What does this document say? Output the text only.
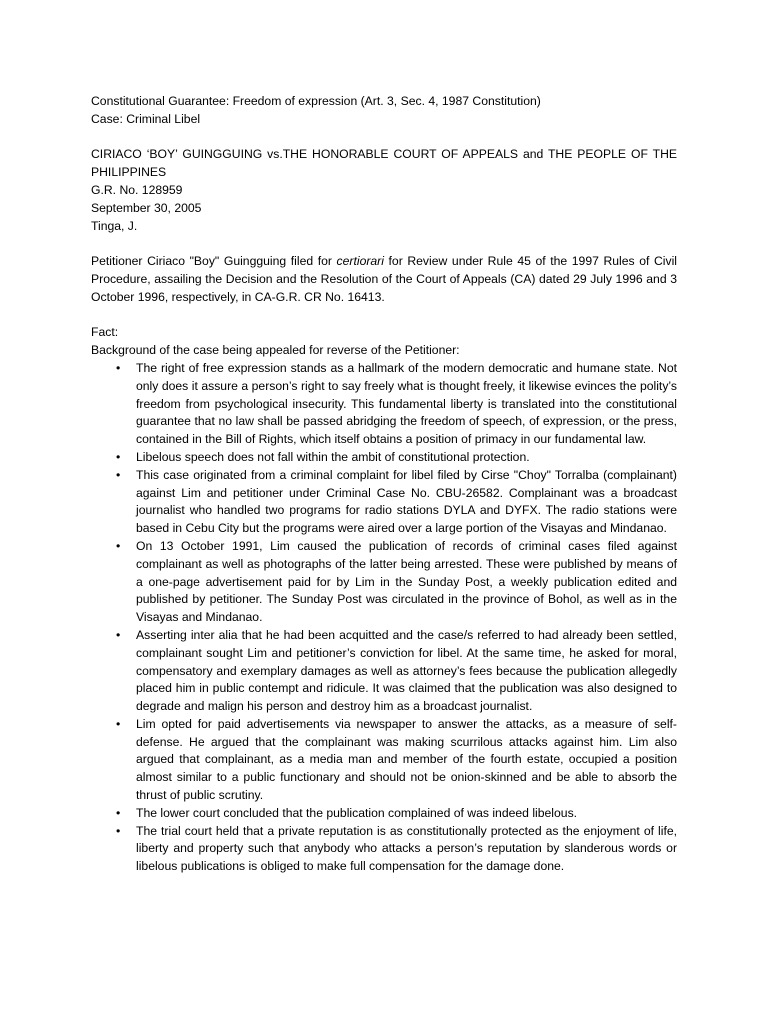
Constitutional Guarantee: Freedom of expression (Art. 3, Sec. 4, 1987 Constitution)

Case: Criminal Libel

CIRIACO ‘BOY’ GUINGGUING vs.THE HONORABLE COURT OF APPEALS and THE PEOPLE OF THE PHILIPPINES

G.R. No. 128959

September 30, 2005

Tinga, J.

Petitioner Ciriaco "Boy" Guingguing filed for certiorari for Review under Rule 45 of the 1997 Rules of Civil Procedure, assailing the Decision and the Resolution of the Court of Appeals (CA) dated 29 July 1996 and 3 October 1996, respectively, in CA-G.R. CR No. 16413.

Fact:

Background of the case being appealed for reverse of the Petitioner:

• The right of free expression stands as a hallmark of the modern democratic and humane state. Not only does it assure a person’s right to say freely what is thought freely, it likewise evinces the polity’s freedom from psychological insecurity. This fundamental liberty is translated into the constitutional guarantee that no law shall be passed abridging the freedom of speech, of expression, or the press, contained in the Bill of Rights, which itself obtains a position of primacy in our fundamental law.
• Libelous speech does not fall within the ambit of constitutional protection.
• This case originated from a criminal complaint for libel filed by Cirse "Choy" Torralba (complainant) against Lim and petitioner under Criminal Case No. CBU-26582. Complainant was a broadcast journalist who handled two programs for radio stations DYLA and DYFX. The radio stations were based in Cebu City but the programs were aired over a large portion of the Visayas and Mindanao.
• On 13 October 1991, Lim caused the publication of records of criminal cases filed against complainant as well as photographs of the latter being arrested. These were published by means of a one-page advertisement paid for by Lim in the Sunday Post, a weekly publication edited and published by petitioner. The Sunday Post was circulated in the province of Bohol, as well as in the Visayas and Mindanao.
• Asserting inter alia that he had been acquitted and the case/s referred to had already been settled, complainant sought Lim and petitioner’s conviction for libel. At the same time, he asked for moral, compensatory and exemplary damages as well as attorney’s fees because the publication allegedly placed him in public contempt and ridicule. It was claimed that the publication was also designed to degrade and malign his person and destroy him as a broadcast journalist.
• Lim opted for paid advertisements via newspaper to answer the attacks, as a measure of self-defense. He argued that the complainant was making scurrilous attacks against him. Lim also argued that complainant, as a media man and member of the fourth estate, occupied a position almost similar to a public functionary and should not be onion-skinned and be able to absorb the thrust of public scrutiny.
• The lower court concluded that the publication complained of was indeed libelous.
• The trial court held that a private reputation is as constitutionally protected as the enjoyment of life, liberty and property such that anybody who attacks a person’s reputation by slanderous words or libelous publications is obliged to make full compensation for the damage done.
